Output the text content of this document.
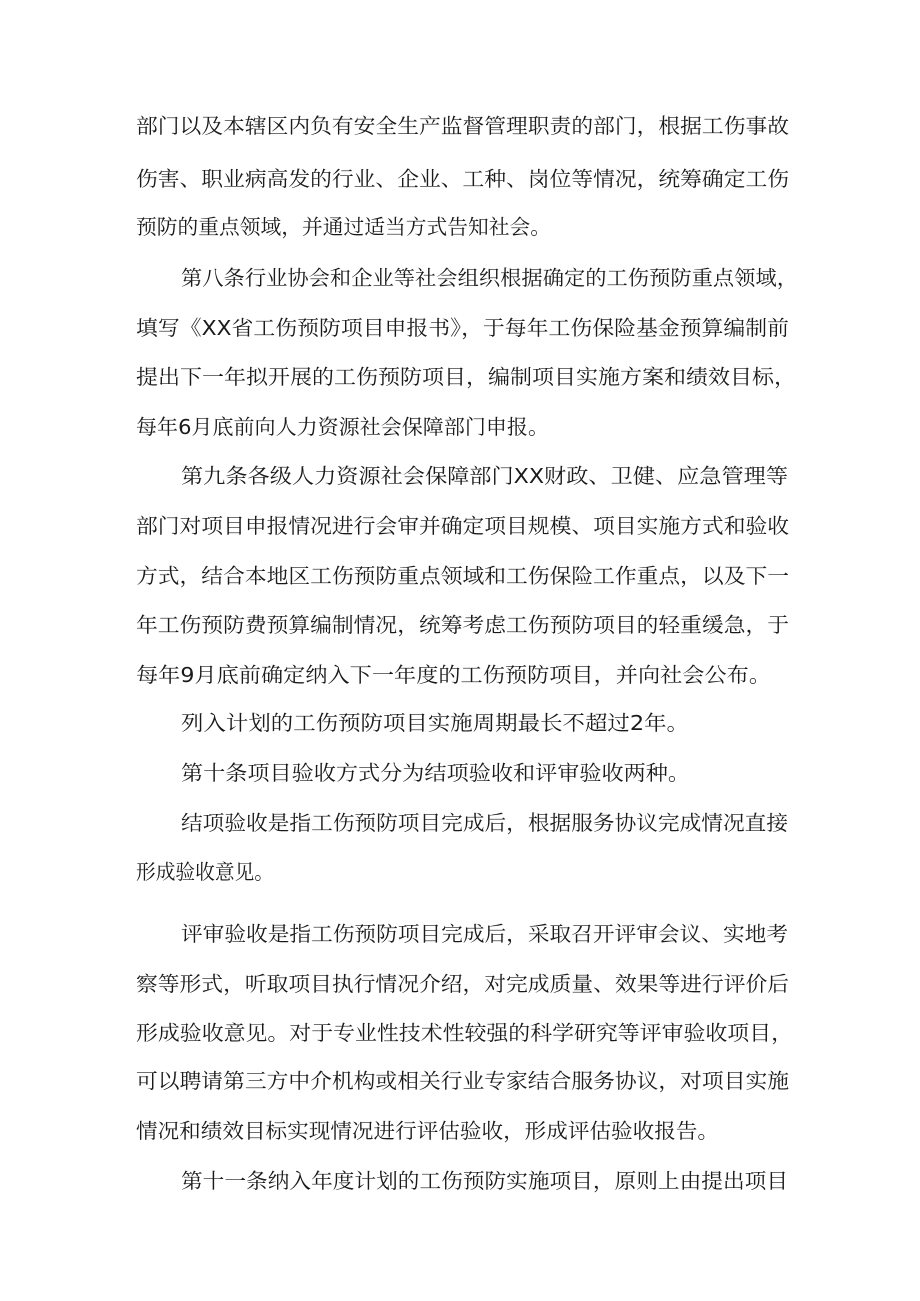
部门以及本辖区内负有安全生产监督管理职责的部门，根据工伤事故
伤害、职业病高发的行业、企业、工种、岗位等情况，统筹确定工伤
预防的重点领域，并通过适当方式告知社会。
第八条行业协会和企业等社会组织根据确定的工伤预防重点领域，
填写《XX省工伤预防项目申报书》，于每年工伤保险基金预算编制前
提出下一年拟开展的工伤预防项目，编制项目实施方案和绩效目标，
每年6月底前向人力资源社会保障部门申报。
第九条各级人力资源社会保障部门XX财政、卫健、应急管理等
部门对项目申报情况进行会审并确定项目规模、项目实施方式和验收
方式，结合本地区工伤预防重点领域和工伤保险工作重点，以及下一
年工伤预防费预算编制情况，统筹考虑工伤预防项目的轻重缓急，于
每年9月底前确定纳入下一年度的工伤预防项目，并向社会公布。
列入计划的工伤预防项目实施周期最长不超过2年。
第十条项目验收方式分为结项验收和评审验收两种。
结项验收是指工伤预防项目完成后，根据服务协议完成情况直接
形成验收意见。
评审验收是指工伤预防项目完成后，采取召开评审会议、实地考
察等形式，听取项目执行情况介绍，对完成质量、效果等进行评价后
形成验收意见。对于专业性技术性较强的科学研究等评审验收项目，
可以聘请第三方中介机构或相关行业专家结合服务协议，对项目实施
情况和绩效目标实现情况进行评估验收，形成评估验收报告。
第十一条纳入年度计划的工伤预防实施项目，原则上由提出项目
